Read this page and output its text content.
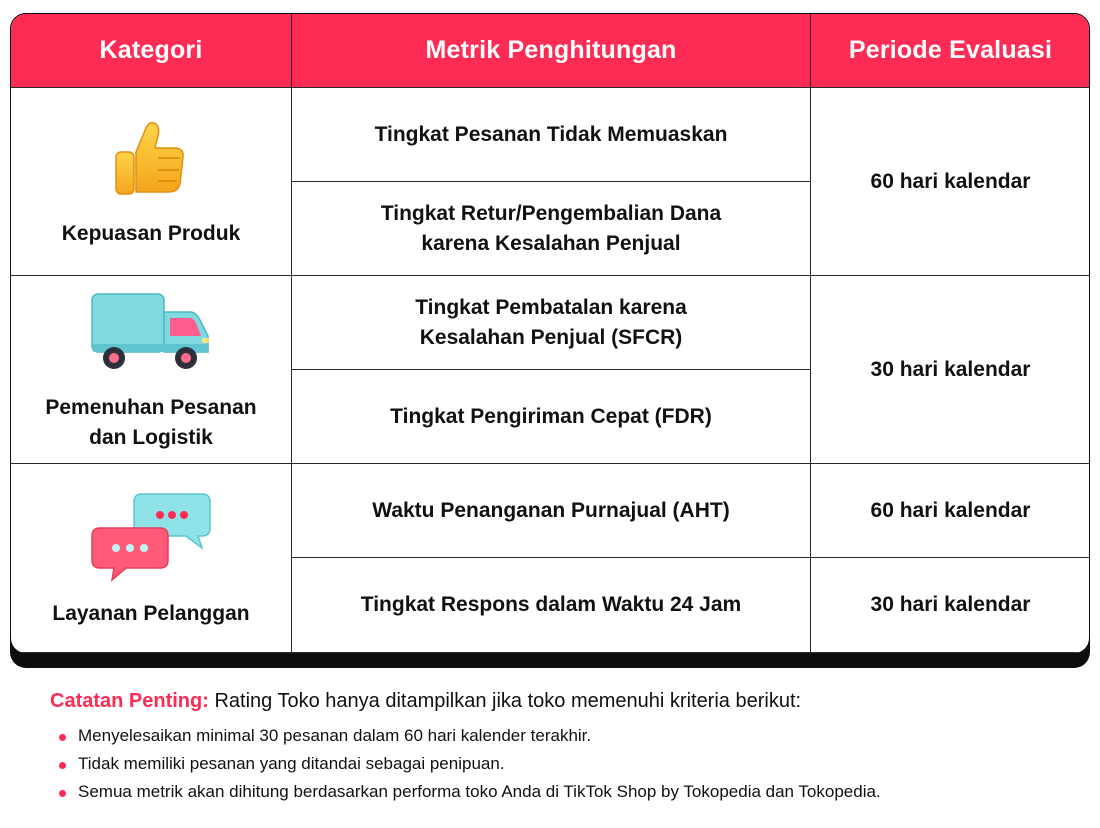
Kategori	Metrik Penghitungan	Periode Evaluasi

Kepuasan Produk	Tingkat Pesanan Tidak Memuaskan	60 hari kalendar

	Tingkat Retur/Pengembalian Dana karena Kesalahan Penjual	

Pemenuhan Pesanan dan Logistik	Tingkat Pembatalan karena Kesalahan Penjual (SFCR)	30 hari kalendar
	Tingkat Pengiriman Cepat (FDR)	

Layanan Pelanggan	Waktu Penanganan Purnajual (AHT)	60 hari kalendar
	Tingkat Respons dalam Waktu 24 Jam	30 hari kalendar
Catatan Penting: Rating Toko hanya ditampilkan jika toko memenuhi kriteria berikut:
Menyelesaikan minimal 30 pesanan dalam 60 hari kalender terakhir.
Tidak memiliki pesanan yang ditandai sebagai penipuan.
Semua metrik akan dihitung berdasarkan performa toko Anda di TikTok Shop by Tokopedia dan Tokopedia.
